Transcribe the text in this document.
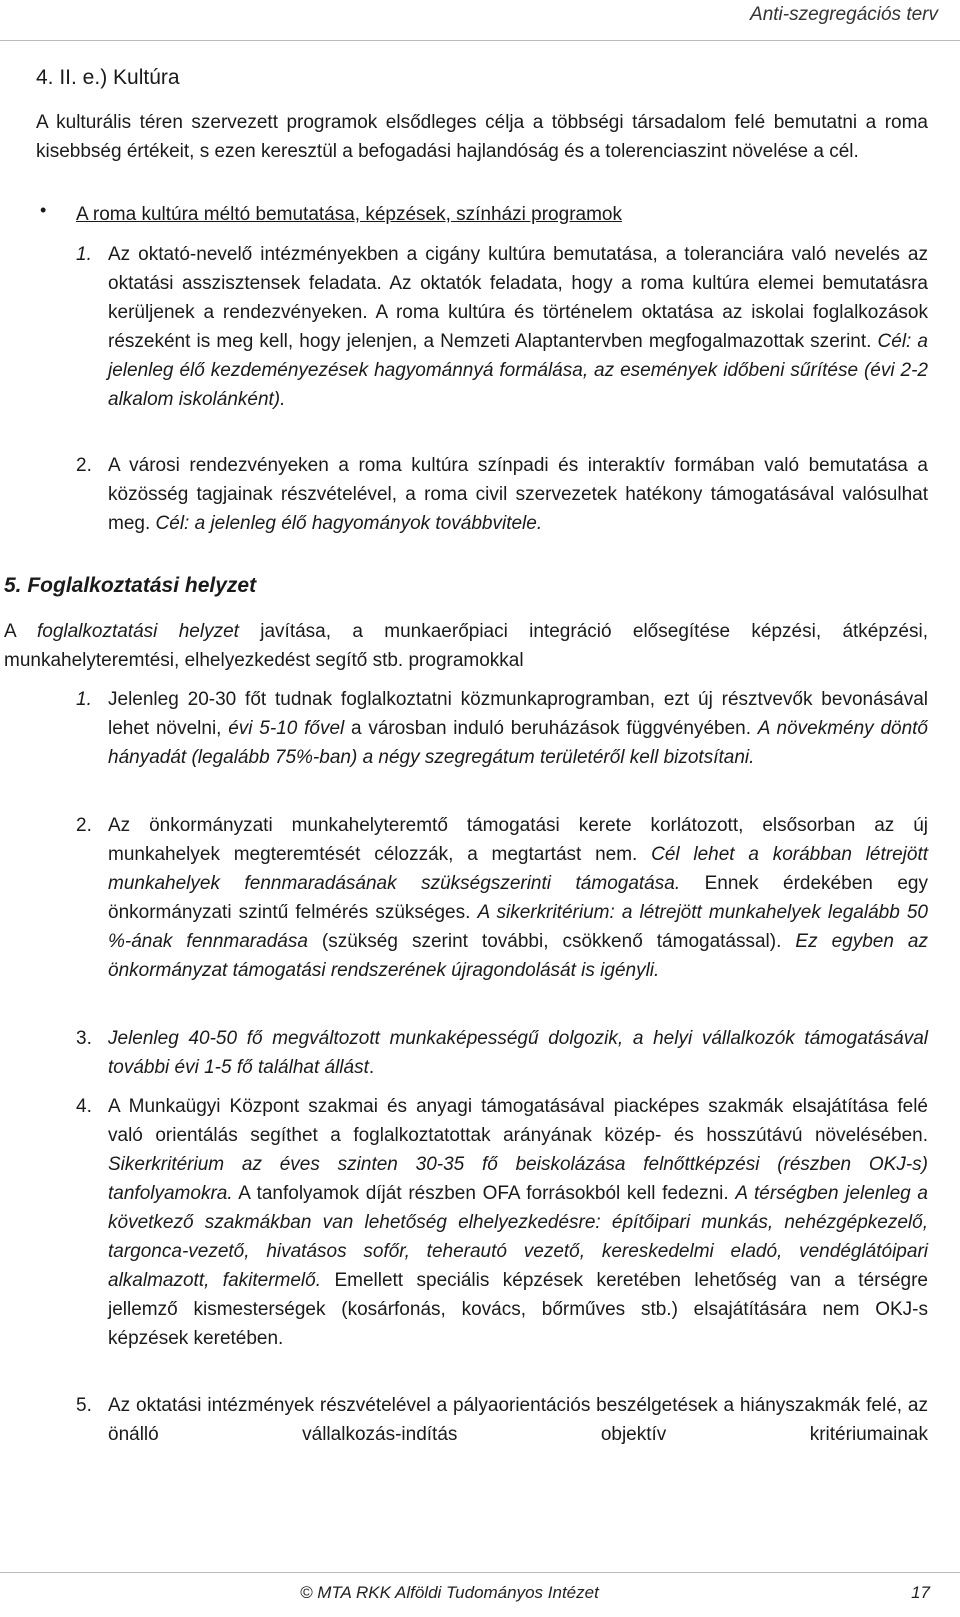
Anti-szegregációs terv
4. II. e.) Kultúra
A kulturális téren szervezett programok elsődleges célja a többségi társadalom felé bemutatni a roma kisebbség értékeit, s ezen keresztül a befogadási hajlandóság és a tolerenciaszint növelése a cél.
• A roma kultúra méltó bemutatása, képzések, színházi programok
1. Az oktató-nevelő intézményekben a cigány kultúra bemutatása, a toleranciára való nevelés az oktatási asszisztensek feladata. Az oktatók feladata, hogy a roma kultúra elemei bemutatásra kerüljenek a rendezvényeken. A roma kultúra és történelem oktatása az iskolai foglalkozások részeként is meg kell, hogy jelenjen, a Nemzeti Alaptantervben megfogalmazottak szerint. Cél: a jelenleg élő kezdeményezések hagyománnyá formálása, az események időbeni sűrítése (évi 2-2 alkalom iskolánként).
2. A városi rendezvényeken a roma kultúra színpadi és interaktív formában való bemutatása a közösség tagjainak részvételével, a roma civil szervezetek hatékony támogatásával valósulhat meg. Cél: a jelenleg élő hagyományok továbbvitele.
5. Foglalkoztatási helyzet
A foglalkoztatási helyzet javítása, a munkaerőpiaci integráció elősegítése képzési, átképzési, munkahelyteremtési, elhelyezkedést segítő stb. programokkal
1. Jelenleg 20-30 főt tudnak foglalkoztatni közmunkaprogramban, ezt új résztvevők bevonásával lehet növelni, évi 5-10 fővel a városban induló beruházások függvényében. A növekmény döntő hányadát (legalább 75%-ban) a négy szegregátum területéről kell bizotsítani.
2. Az önkormányzati munkahelyteremtő támogatási kerete korlátozott, elsősorban az új munkahelyek megteremtését célozzák, a megtartást nem. Cél lehet a korábban létrejött munkahelyek fennmaradásának szükségszerinti támogatása. Ennek érdekében egy önkormányzati szintű felmérés szükséges. A sikerkritérium: a létrejött munkahelyek legalább 50 %-ának fennmaradása (szükség szerint további, csökkenő támogatással). Ez egyben az önkormányzat támogatási rendszerének újragondolását is igényli.
3. Jelenleg 40-50 fő megváltozott munkaképességű dolgozik, a helyi vállalkozók támogatásával további évi 1-5 fő találhat állást.
4. A Munkaügyi Központ szakmai és anyagi támogatásával piacképes szakmák elsajátítása felé való orientálás segíthet a foglalkoztatottak arányának közép- és hosszútávú növelésében. Sikerkritérium az éves szinten 30-35 fő beiskolázása felnőttképzési (részben OKJ-s) tanfolyamokra. A tanfolyamok díját részben OFA forrásokból kell fedezni. A térségben jelenleg a következő szakmákban van lehetőség elhelyezkedésre: építőipari munkás, nehézgépkezelő, targonca-vezető, hivatásos sofőr, teherautó vezető, kereskedelmi eladó, vendéglátóipari alkalmazott, fakitermelő. Emellett speciális képzések keretében lehetőség van a térségre jellemző kismesterségek (kosárfonás, kovács, bőrműves stb.) elsajátítására nem OKJ-s képzések keretében.
5. Az oktatási intézmények részvételével a pályaorientációs beszélgetések a hiányszakmák felé, az önálló vállalkozás-indítás objektív kritériumainak
© MTA RKK Alföldi Tudományos Intézet	17
